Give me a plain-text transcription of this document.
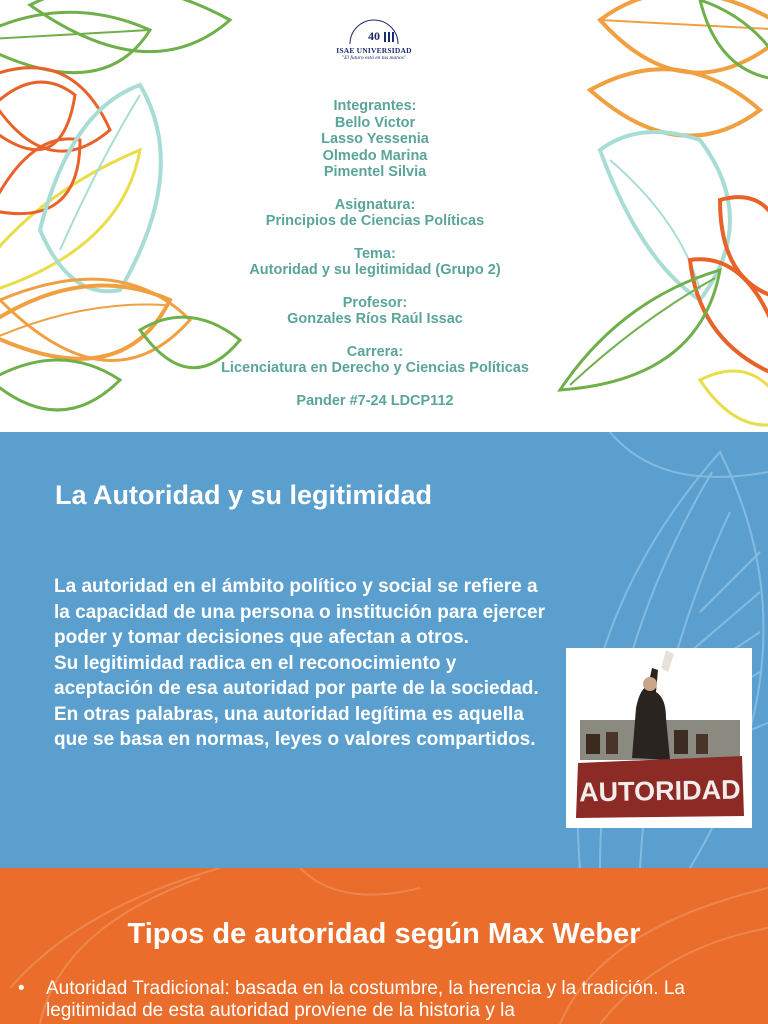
40
ISAE UNIVERSIDAD
"El futuro está en tus manos"
Integrantes:
Bello Victor
Lasso Yessenia
Olmedo Marina
Pimentel Silvia
Asignatura:
Principios de Ciencias Políticas
Tema:
Autoridad y su legitimidad (Grupo 2)
Profesor:
Gonzales Ríos Raúl Issac
Carrera:
Licenciatura en Derecho y Ciencias Políticas
Pander #7-24 LDCP112
La Autoridad y su legitimidad

La autoridad en el ámbito político y social se refiere a la capacidad de una persona o institución para ejercer poder y tomar decisiones que afectan a otros.

Su legitimidad radica en el reconocimiento y aceptación de esa autoridad por parte de la sociedad.

En otras palabras, una autoridad legítima es aquella que se basa en normas, leyes o valores compartidos.

AUTORIDAD
Tipos de autoridad según Max Weber
• Autoridad Tradicional: basada en la costumbre, la herencia y la tradición. La legitimidad de esta autoridad proviene de la historia y la
